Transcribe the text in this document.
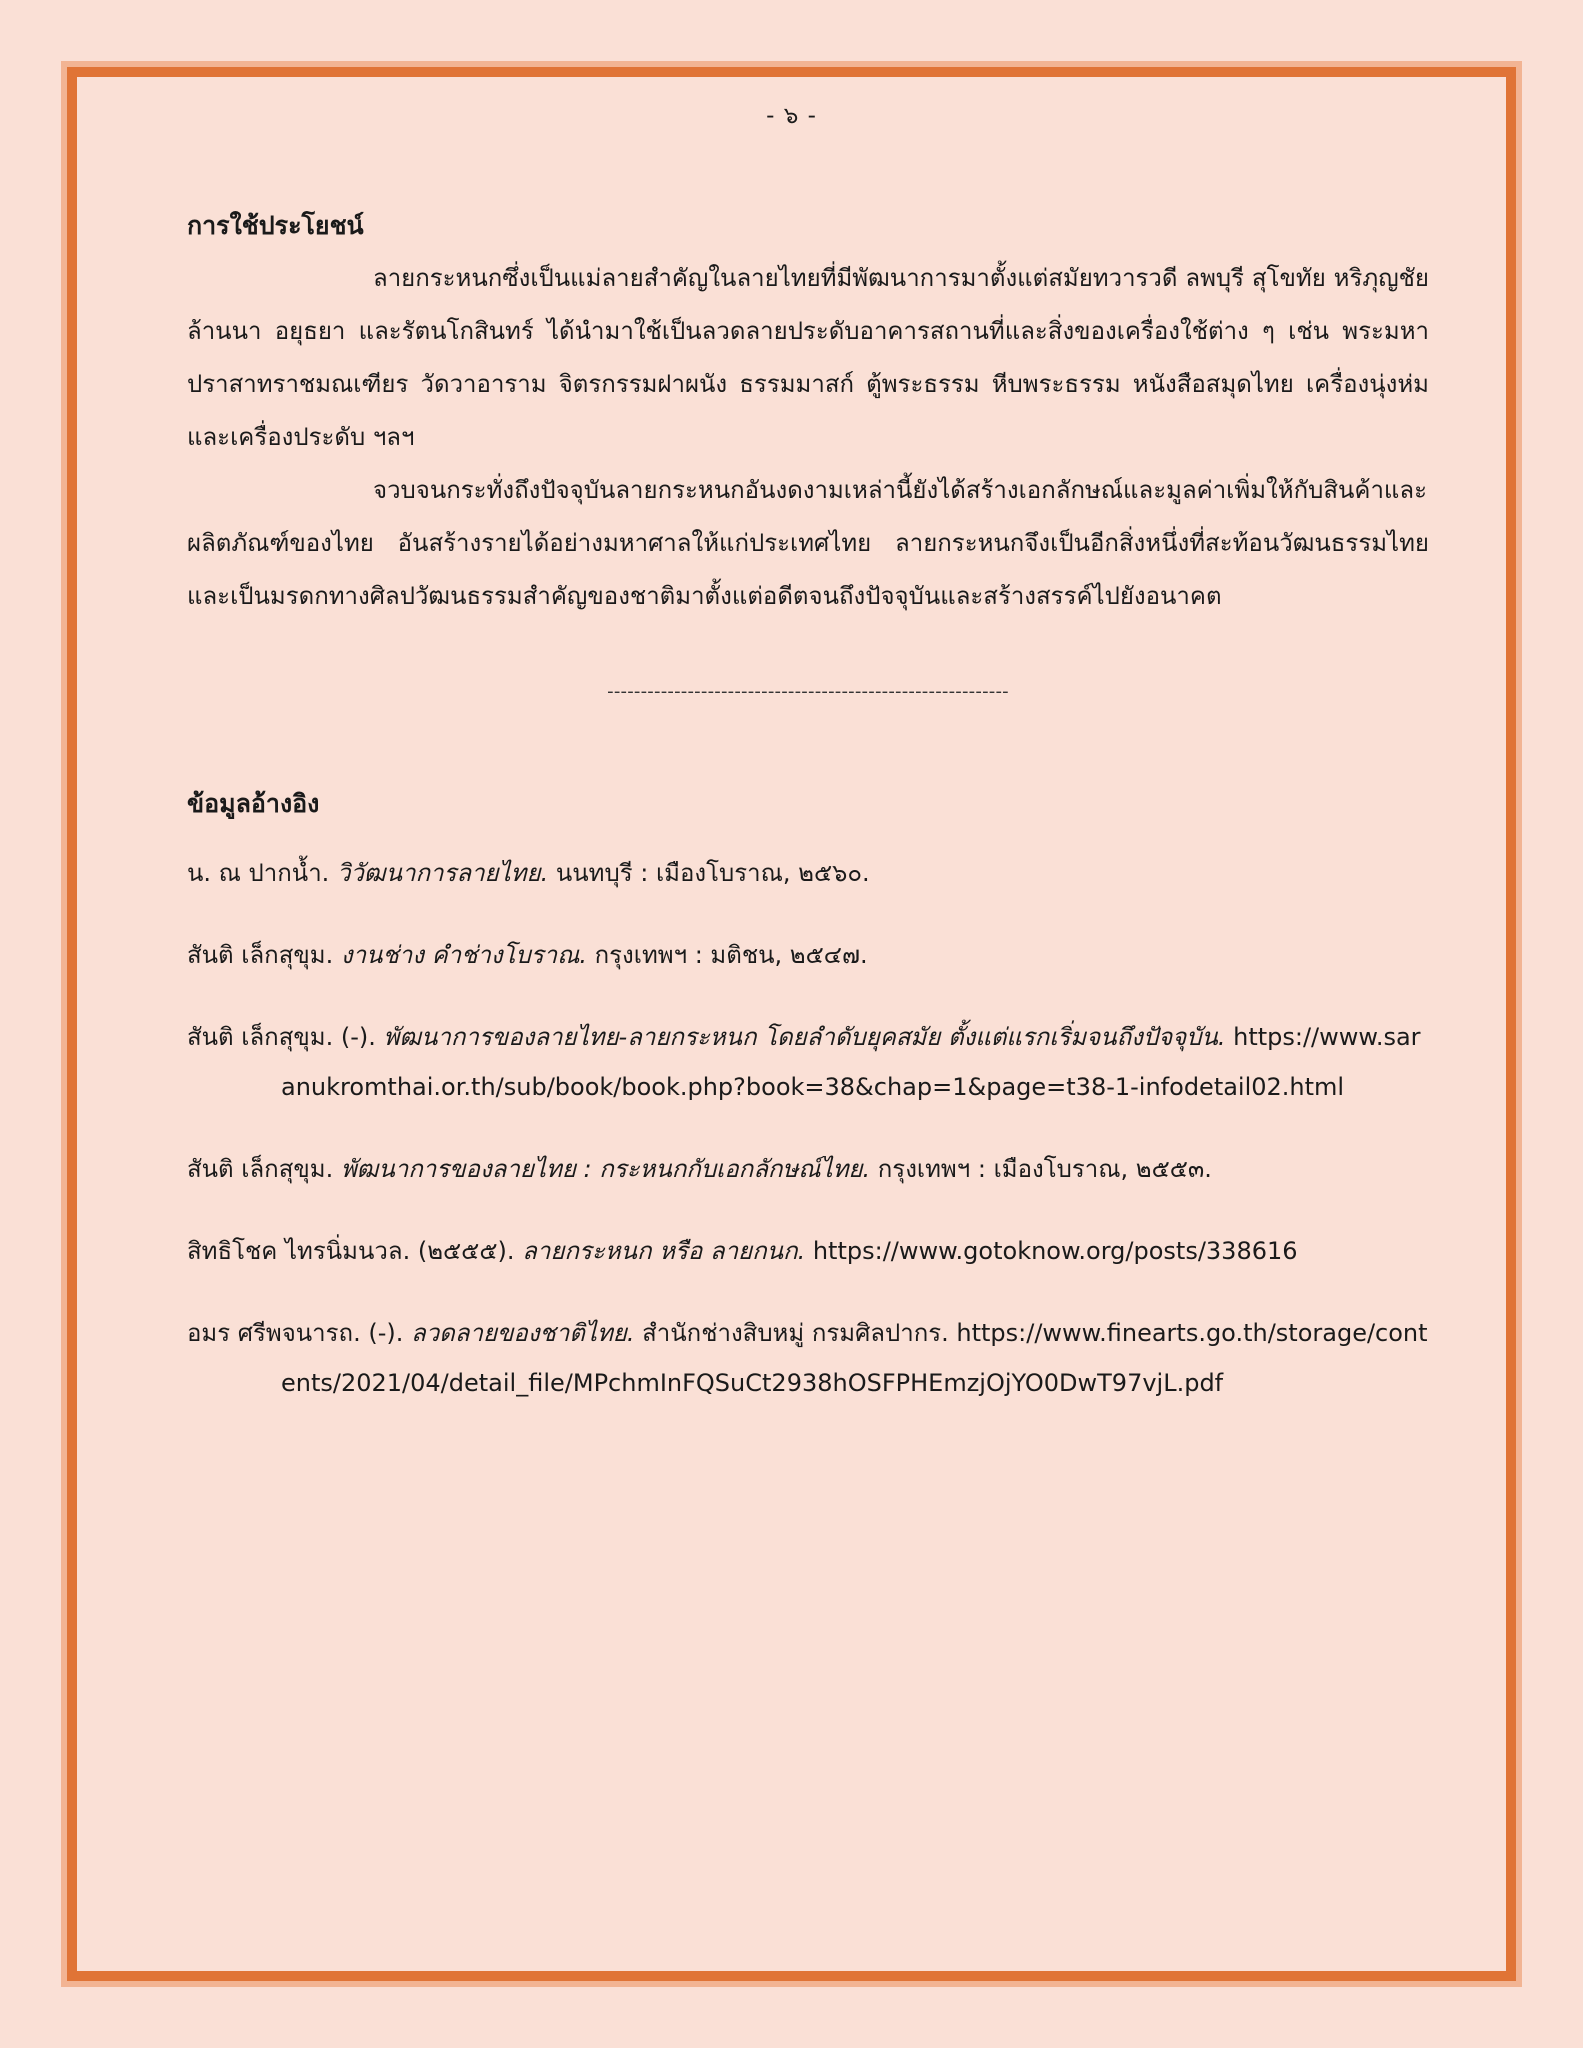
- ๖ -

การใช้ประโยชน์

ลายกระหนกซึ่งเป็นแม่ลายสำคัญในลายไทยที่มีพัฒนาการมาตั้งแต่สมัยทวารวดี ลพบุรี สุโขทัย หริภุญชัย ล้านนา อยุธยา และรัตนโกสินทร์ ได้นำมาใช้เป็นลวดลายประดับอาคารสถานที่และสิ่งของเครื่องใช้ต่าง ๆ เช่น พระมหาปราสาทราชมณเฑียร วัดวาอาราม จิตรกรรมฝาผนัง ธรรมมาสก์ ตู้พระธรรม หีบพระธรรม หนังสือสมุดไทย เครื่องนุ่งห่ม และเครื่องประดับ ฯลฯ

จวบจนกระทั่งถึงปัจจุบันลายกระหนกอันงดงามเหล่านี้ยังได้สร้างเอกลักษณ์และมูลค่าเพิ่มให้กับสินค้าและผลิตภัณฑ์ของไทย อันสร้างรายได้อย่างมหาศาลให้แก่ประเทศไทย ลายกระหนกจึงเป็นอีกสิ่งหนึ่งที่สะท้อนวัฒนธรรมไทยและเป็นมรดกทางศิลปวัฒนธรรมสำคัญของชาติมาตั้งแต่อดีตจนถึงปัจจุบันและสร้างสรรค์ไปยังอนาคต

------------------------------------------------------------

ข้อมูลอ้างอิง

น. ณ ปากน้ำ. วิวัฒนาการลายไทย. นนทบุรี : เมืองโบราณ, ๒๕๖๐.
สันติ เล็กสุขุม. งานช่าง คำช่างโบราณ. กรุงเทพฯ : มติชน, ๒๕๔๗.
สันติ เล็กสุขุม. (-). พัฒนาการของลายไทย-ลายกระหนก โดยลำดับยุคสมัย ตั้งแต่แรกเริ่มจนถึงปัจจุบัน. https://www.saranukromthai.or.th/sub/book/book.php?book=38&chap=1&page=t38-1-infodetail02.html
สันติ เล็กสุขุม. พัฒนาการของลายไทย : กระหนกกับเอกลักษณ์ไทย. กรุงเทพฯ : เมืองโบราณ, ๒๕๕๓.
สิทธิโชค ไทรนิ่มนวล. (๒๕๕๕). ลายกระหนก หรือ ลายกนก. https://www.gotoknow.org/posts/338616
อมร ศรีพจนารถ. (-). ลวดลายของชาติไทย. สำนักช่างสิบหมู่ กรมศิลปากร. https://www.finearts.go.th/storage/contents/2021/04/detail_file/MPchmInFQSuCt2938hOSFPHEmzjOjYO0DwT97vjL.pdf
